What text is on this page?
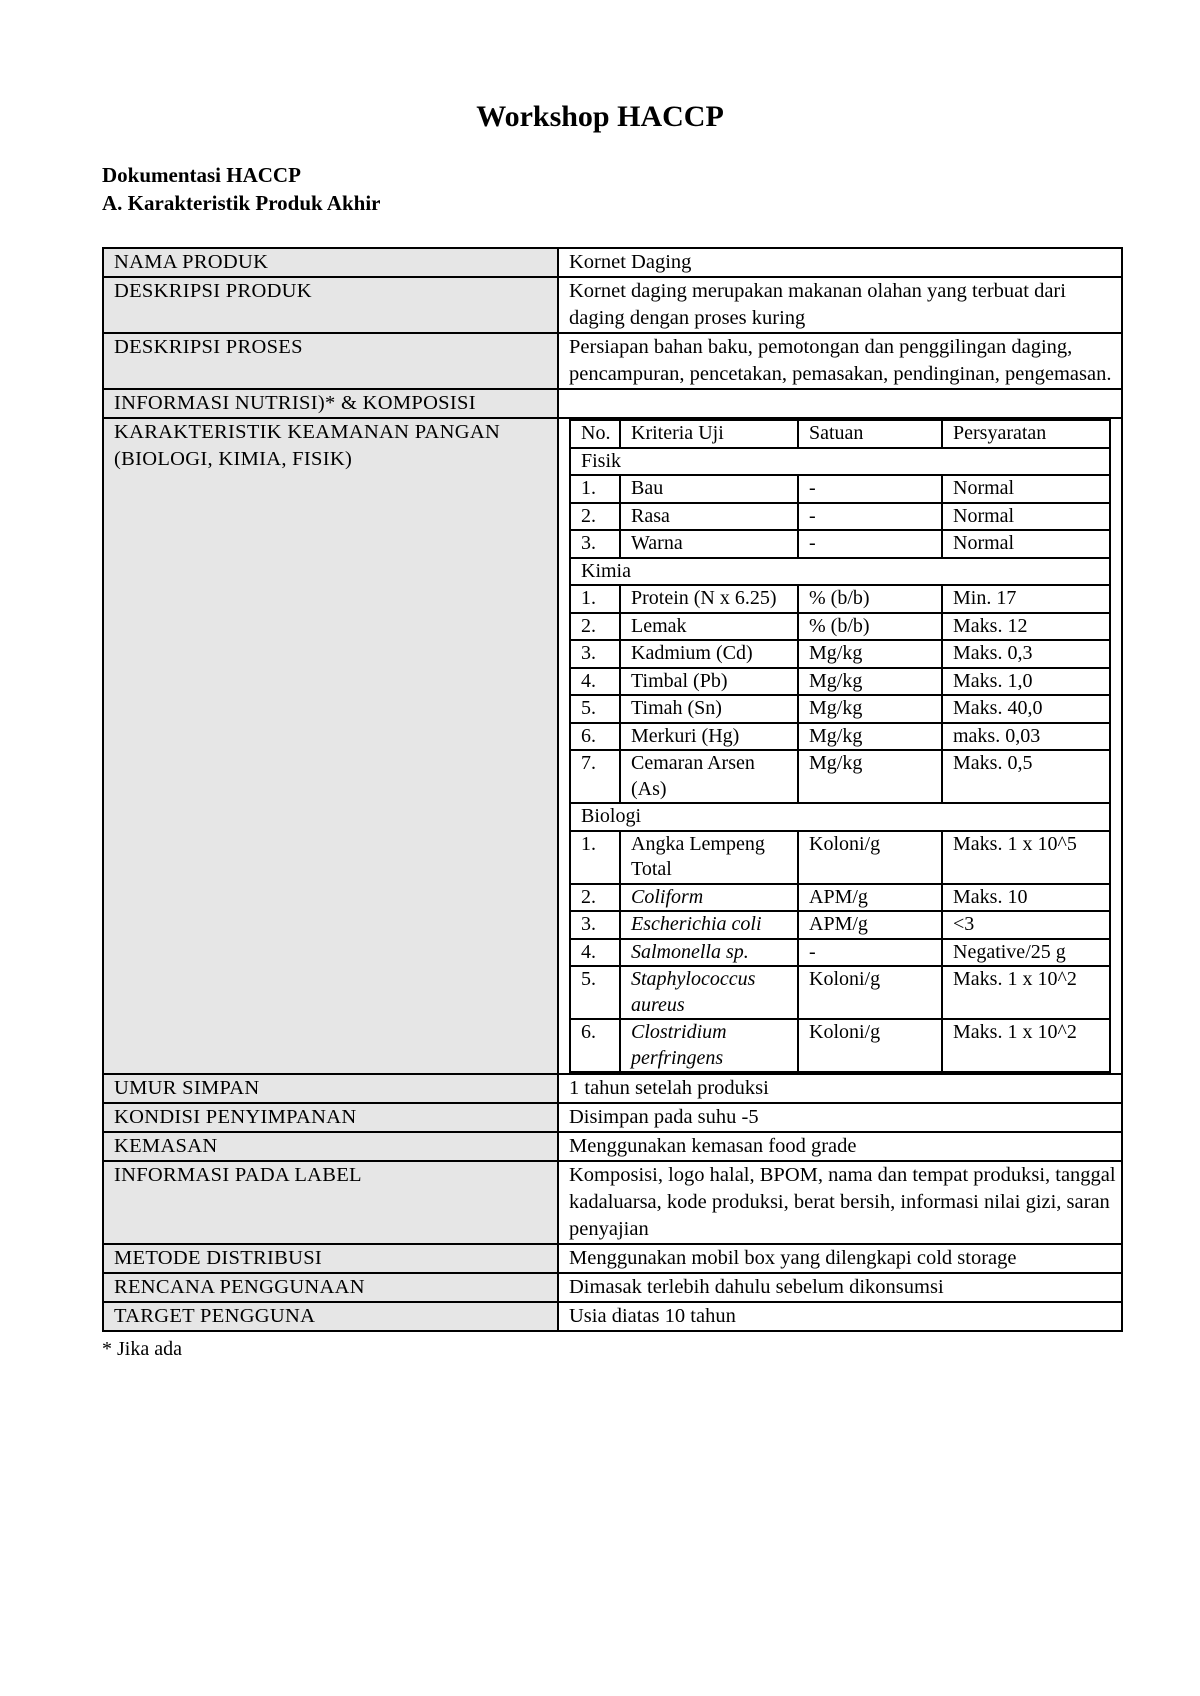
Workshop HACCP
Dokumentasi HACCP
A. Karakteristik Produk Akhir
NAMA PRODUK	Kornet Daging
DESKRIPSI PRODUK	Kornet daging merupakan makanan olahan yang terbuat dari daging dengan proses kuring
DESKRIPSI PROSES	Persiapan bahan baku, pemotongan dan penggilingan daging, pencampuran, pencetakan, pemasakan, pendinginan, pengemasan.
INFORMASI NUTRISI)* & KOMPOSISI	
KARAKTERISTIK KEAMANAN PANGAN (BIOLOGI, KIMIA, FISIK)	
No.	Kriteria Uji	Satuan	Persyaratan
Fisik
1.	Bau	-	Normal
2.	Rasa	-	Normal
3.	Warna	-	Normal
Kimia
1.	Protein (N x 6.25)	% (b/b)	Min. 17
2.	Lemak	% (b/b)	Maks. 12
3.	Kadmium (Cd)	Mg/kg	Maks. 0,3
4.	Timbal (Pb)	Mg/kg	Maks. 1,0
5.	Timah (Sn)	Mg/kg	Maks. 40,0
6.	Merkuri (Hg)	Mg/kg	maks. 0,03
7.	Cemaran Arsen (As)	Mg/kg	Maks. 0,5
Biologi
1.	Angka Lempeng Total	Koloni/g	Maks. 1 x 10^5
2.	Coliform	APM/g	Maks. 10
3.	Escherichia coli	APM/g	<3
4.	Salmonella sp.	-	Negative/25 g
5.	Staphylococcus aureus	Koloni/g	Maks. 1 x 10^2
6.	Clostridium perfringens	Koloni/g	Maks. 1 x 10^2

UMUR SIMPAN	1 tahun setelah produksi
KONDISI PENYIMPANAN	Disimpan pada suhu -5
KEMASAN	Menggunakan kemasan food grade
INFORMASI PADA LABEL	Komposisi, logo halal, BPOM, nama dan tempat produksi, tanggal kadaluarsa, kode produksi, berat bersih, informasi nilai gizi, saran penyajian
METODE DISTRIBUSI	Menggunakan mobil box yang dilengkapi cold storage
RENCANA PENGGUNAAN	Dimasak terlebih dahulu sebelum dikonsumsi
TARGET PENGGUNA	Usia diatas 10 tahun
* Jika ada
